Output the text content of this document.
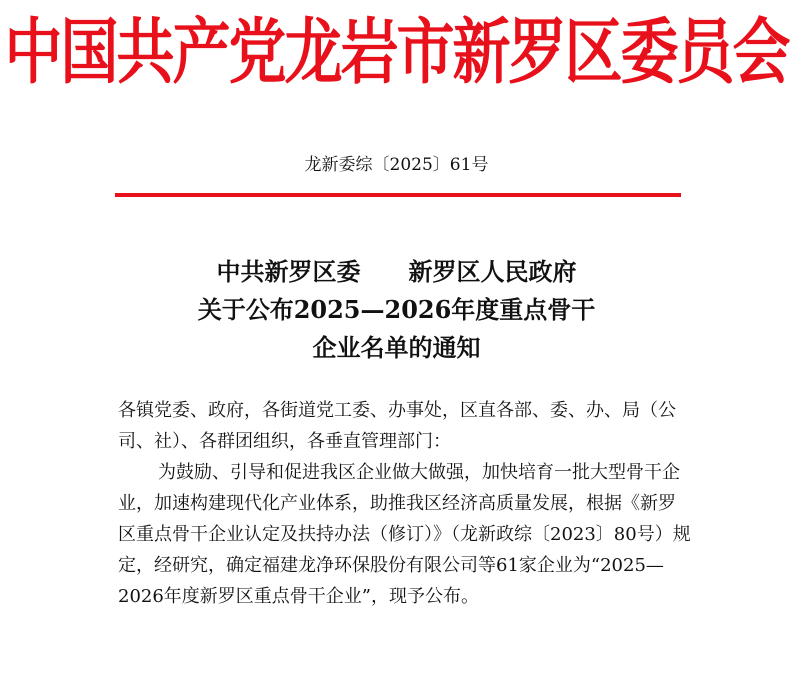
中国共产党龙岩市新罗区委员会
龙新委综〔2025〕61号
中共新罗区委　　新罗区人民政府
关于公布2025—2026年度重点骨干
企业名单的通知

各镇党委、政府，各街道党工委、办事处，区直各部、委、办、局（公司、社）、各群团组织，各垂直管理部门：

为鼓励、引导和促进我区企业做大做强，加快培育一批大型骨干企业，加速构建现代化产业体系，助推我区经济高质量发展，根据《新罗区重点骨干企业认定及扶持办法（修订）》（龙新政综〔2023〕80号）规定，经研究，确定福建龙净环保股份有限公司等61家企业为“2025—2026年度新罗区重点骨干企业”，现予公布。
